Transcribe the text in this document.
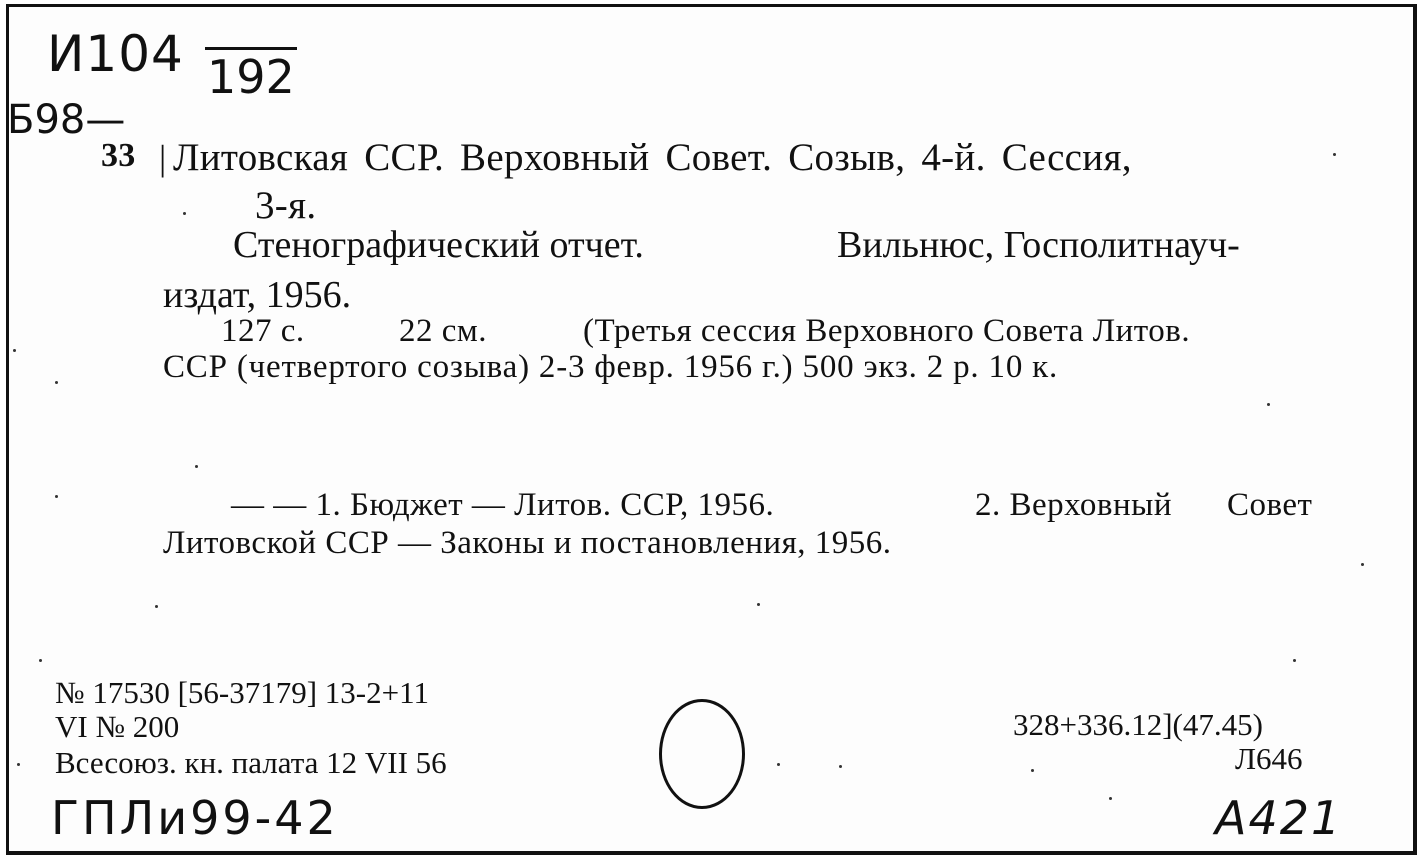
И104 192
Б98—
33 | Литовская ССР. Верховный Совет. Созыв, 4-й. Сессия,
3-я.
Стенографический отчет.	Вильнюс, Госполитнауч-
издат, 1956.
127 с.	22 см.	(Третья сессия Верховного Совета Литов.
ССР (четвертого созыва) 2-3 февр. 1956 г.) 500 экз. 2 р. 10 к.
— — 1. Бюджет — Литов. ССР, 1956.	2. Верховный Совет
Литовской ССР — Законы и постановления, 1956.
№ 17530 [56-37179] 13-2+11
VI № 200
Всесоюз. кн. палата 12 VII 56
328+336.12](47.45)
Л646
ГПЛи99-42	А421
